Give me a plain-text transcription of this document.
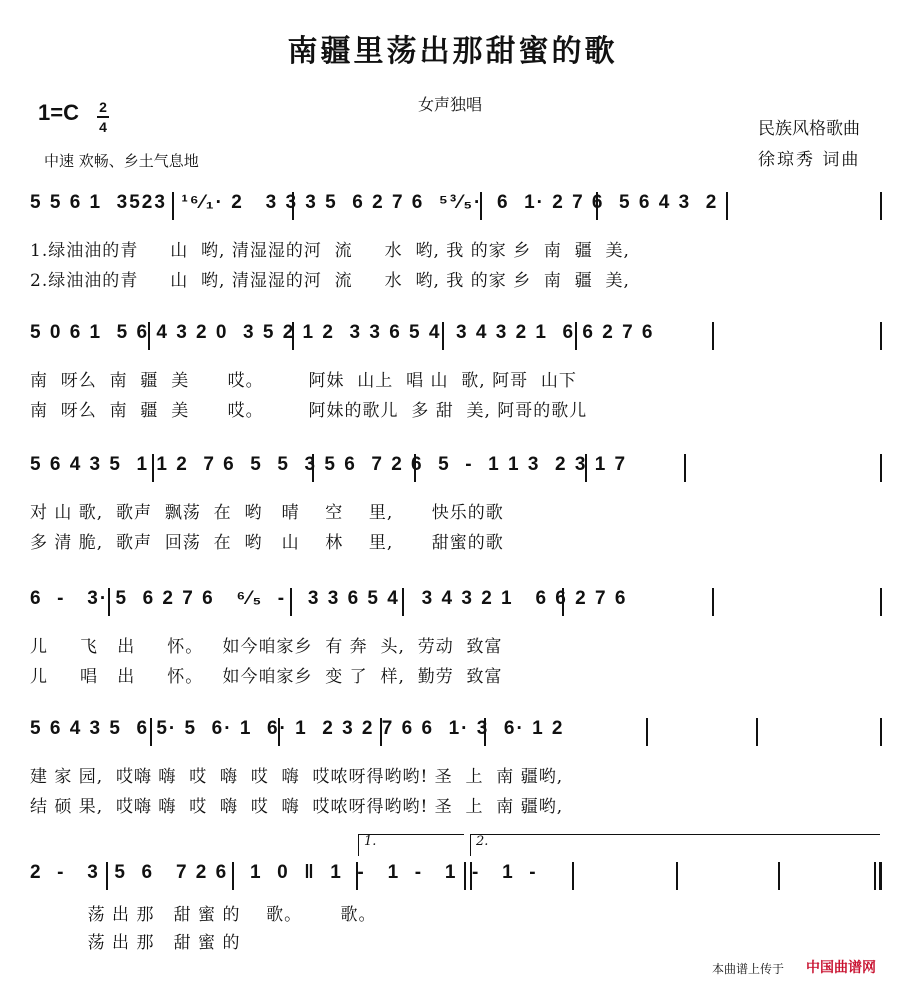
南疆里荡出那甜蜜的歌
女声独唱
1=C 2
4	民族风格歌曲
徐琼秀 词曲
中速 欢畅、乡土气息地
5 5 6 1  3523  ¹⁶⁄₁· 2   3 3 3 5  6 2 7 6  ⁵³⁄₅·  6  1· 2 7 6  5 6 4 3  2
1.绿油油的青     山  哟, 清湿湿的河  流     水  哟, 我 的家 乡  南  疆  美,
2.绿油油的青     山  哟, 清湿湿的河  流     水  哟, 我 的家 乡  南  疆  美,
5 0 6 1  5 6 4 3 2 0  3 5 2 1 2  3 3 6 5 4  3 4 3 2 1  6 6 2 7 6
南  呀么  南  疆  美      哎。       阿妹  山上  唱 山  歌, 阿哥  山下
南  呀么  南  疆  美      哎。       阿妹的歌儿  多 甜  美, 阿哥的歌儿
5 6 4 3 5  1 1 2  7 6  5  5  3 5 6  7 2 6  5  -  1 1 3  2 3 1 7
对 山 歌,  歌声  飘荡  在  哟   晴    空    里,      快乐的歌
多 清 脆,  歌声  回荡  在  哟   山    林    里,      甜蜜的歌
6  -   3· 5  6 2 7 6   ⁶⁄₅  -   3 3 6 5 4   3 4 3 2 1   6 6 2 7 6
儿     飞   出     怀。   如今咱家乡  有 奔  头,  劳动  致富
儿     唱   出     怀。   如今咱家乡  变 了  样,  勤劳  致富
5 6 4 3 5  6 5· 5  6· 1  6· 1  2 3 2 7 6 6  1· 3  6· 1 2
建 家 园,  哎嗨 嗨  哎  嗨  哎  嗨  哎哝呀得哟哟! 圣  上  南 疆哟,
结 硕 果,  哎嗨 嗨  哎  嗨  哎  嗨  哎哝呀得哟哟! 圣  上  南 疆哟,
1.	2.
2  -   3  5  6   7 2 6   1  0  ‖  1  -   1  -   1  -   1  -
荡 出 那   甜 蜜 的    歌。      歌。
荡 出 那   甜 蜜 的
本曲谱上传于 中国曲谱网
